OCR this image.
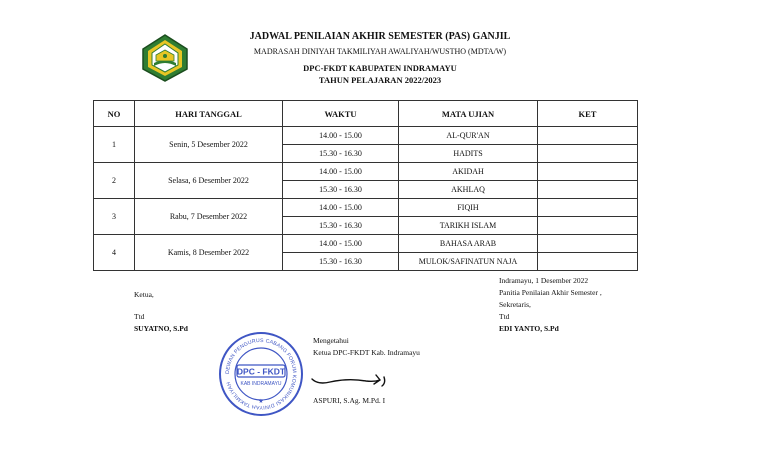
JADWAL PENILAIAN AKHIR SEMESTER (PAS) GANJIL
MADRASAH DINIYAH TAKMILIYAH AWALIYAH/WUSTHO (MDTA/W)
DPC-FKDT KABUPATEN INDRAMAYU
TAHUN PELAJARAN 2022/2023
NO	HARI TANGGAL	WAKTU	MATA UJIAN	KET
1	Senin, 5 Desember 2022	14.00 - 15.00	AL-QUR'AN	
		15.30 - 16.30	HADITS	
2	Selasa, 6 Desember 2022	14.00 - 15.00	AKIDAH	
		15.30 - 16.30	AKHLAQ	
3	Rabu, 7 Desember 2022	14.00 - 15.00	FIQIH	
		15.30 - 16.30	TARIKH ISLAM	
4	Kamis, 8 Desember 2022	14.00 - 15.00	BAHASA ARAB	
		15.30 - 16.30	MULOK/SAFINATUN NAJA	
Indramayu, 1 Desember 2022
Panitia Penilaian Akhir Semester ,
Sekretaris,
Ttd
EDI YANTO, S.Pd
Ketua,
Ttd
SUYATNO, S.Pd
DEWAN PENGURUS CABANG FORUM KOMUNIKASI DINIYAH TAKMILIYAH
DPC - FKDT
KAB INDRAMAYU
★
Mengetahui
Ketua DPC-FKDT Kab. Indramayu
ASPURI, S.Ag. M.Pd. I
